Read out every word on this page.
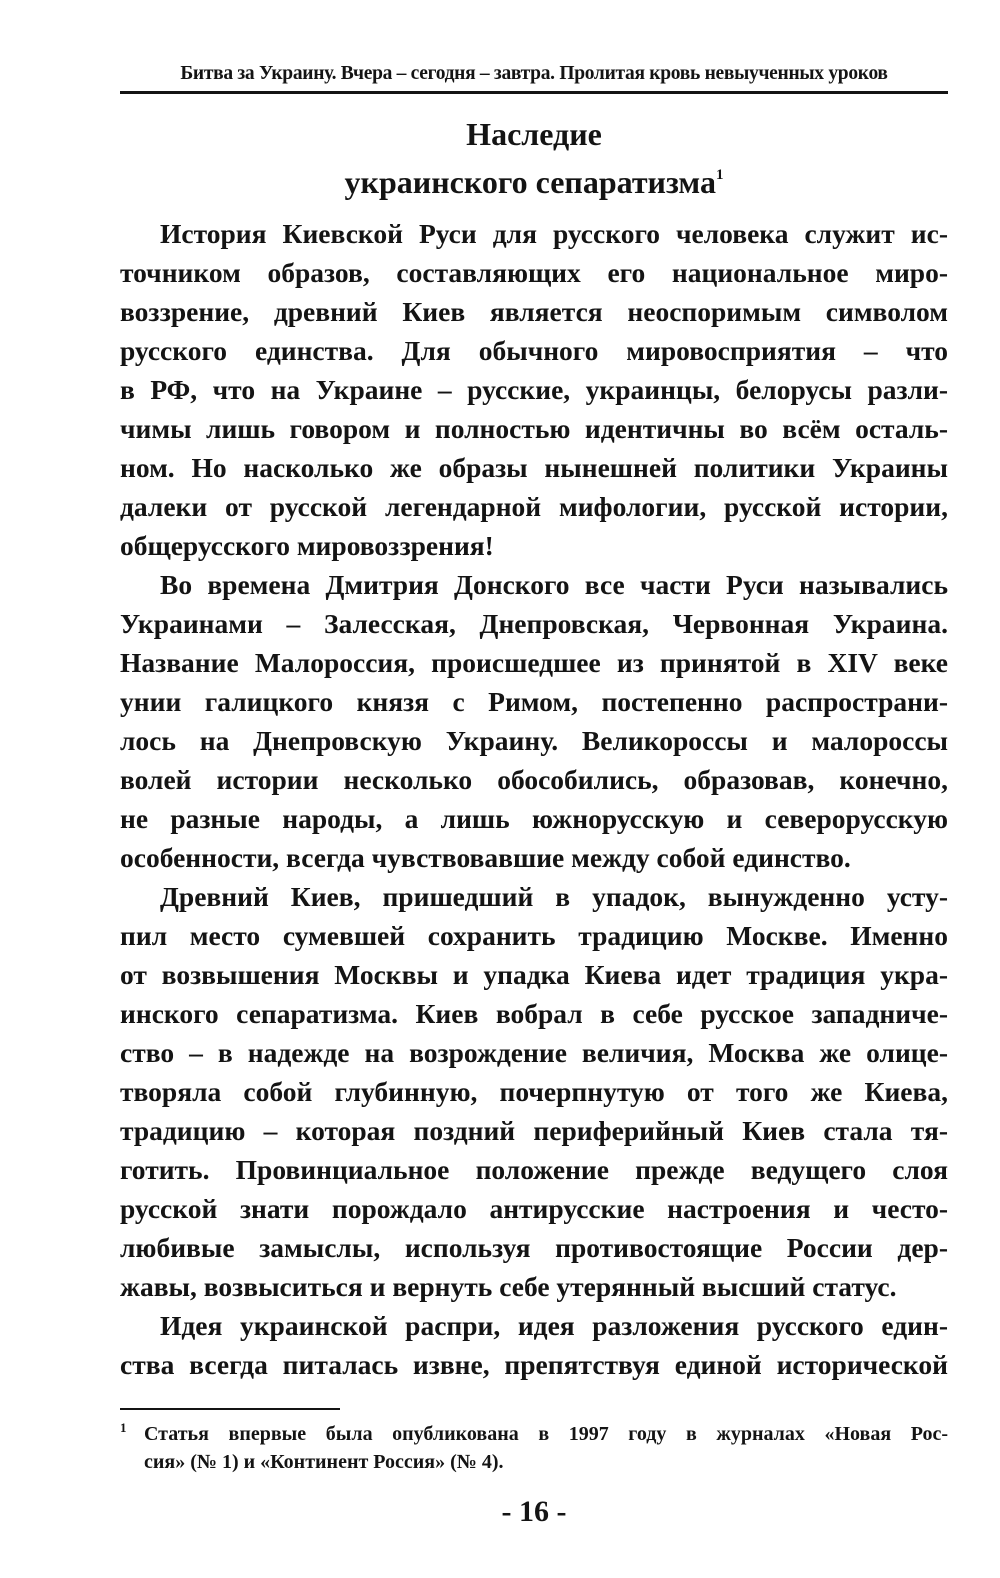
Битва за Украину. Вчера – сегодня – завтра. Пролитая кровь невыученных уроков
Наследие
украинского сепаратизма$^1$
История Киевской Руси для русского человека служит ис-
точником образов, составляющих его национальное миро-
воззрение, древний Киев является неоспоримым символом
русского единства. Для обычного мировосприятия – что
в РФ, что на Украине – русские, украинцы, белорусы разли-
чимы лишь говором и полностью идентичны во всём осталь-
ном. Но насколько же образы нынешней политики Украины
далеки от русской легендарной мифологии, русской истории,
общерусского мировоззрения!
Во времена Дмитрия Донского все части Руси назывались
Украинами – Залесская, Днепровская, Червонная Украина.
Название Малороссия, происшедшее из принятой в XIV веке
унии галицкого князя с Римом, постепенно распространи-
лось на Днепровскую Украину. Великороссы и малороссы
волей истории несколько обособились, образовав, конечно,
не разные народы, а лишь южнорусскую и северорусскую
особенности, всегда чувствовавшие между собой единство.
Древний Киев, пришедший в упадок, вынужденно усту-
пил место сумевшей сохранить традицию Москве. Именно
от возвышения Москвы и упадка Киева идет традиция укра-
инского сепаратизма. Киев вобрал в себе русское западниче-
ство – в надежде на возрождение величия, Москва же олице-
творяла собой глубинную, почерпнутую от того же Киева,
традицию – которая поздний периферийный Киев стала тя-
готить. Провинциальное положение прежде ведущего слоя
русской знати порождало антирусские настроения и често-
любивые замыслы, используя противостоящие России дер-
жавы, возвыситься и вернуть себе утерянный высший статус.
Идея украинской распри, идея разложения русского един-
ства всегда питалась извне, препятствуя единой исторической
1 Статья впервые была опубликована в 1997 году в журналах «Новая Рос-
сия» (№ 1) и «Континент Россия» (№ 4).
- 16 -
